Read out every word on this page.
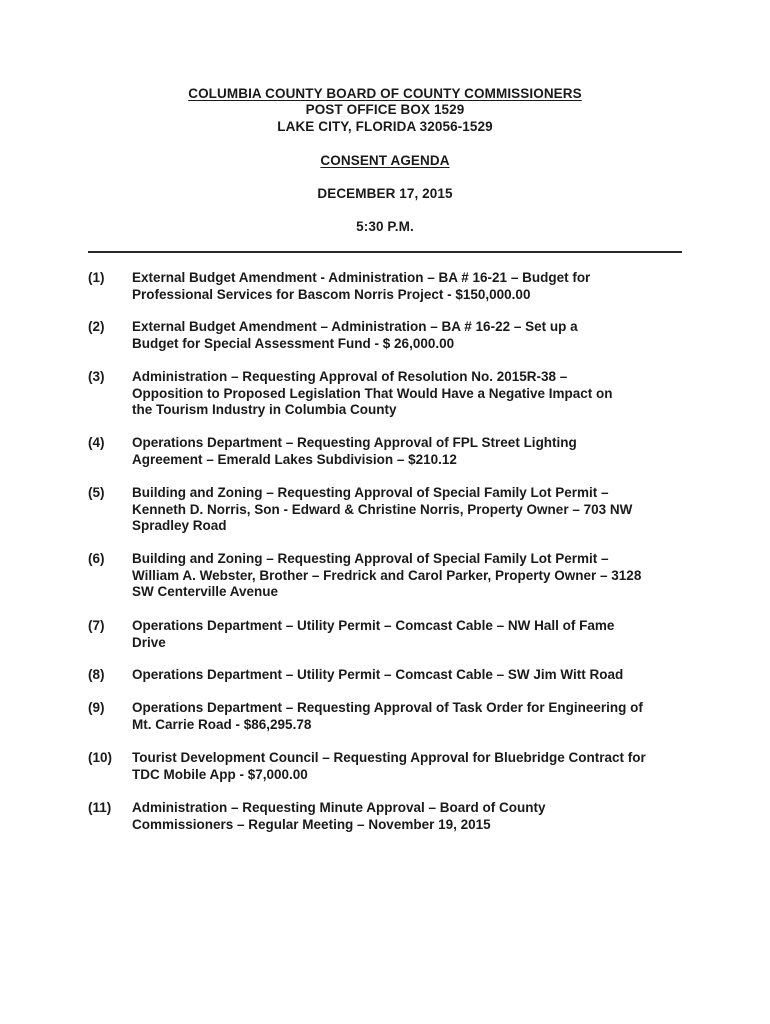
COLUMBIA COUNTY BOARD OF COUNTY COMMISSIONERS
POST OFFICE BOX 1529
LAKE CITY, FLORIDA 32056-1529
CONSENT AGENDA
DECEMBER 17, 2015
5:30 P.M.
(1) External Budget Amendment - Administration – BA # 16-21 – Budget for
Professional Services for Bascom Norris Project - $150,000.00
(2) External Budget Amendment – Administration – BA # 16-22 – Set up a
Budget for Special Assessment Fund - $ 26,000.00
(3) Administration – Requesting Approval of Resolution No. 2015R-38 –
Opposition to Proposed Legislation That Would Have a Negative Impact on
the Tourism Industry in Columbia County
(4) Operations Department – Requesting Approval of FPL Street Lighting
Agreement – Emerald Lakes Subdivision – $210.12
(5) Building and Zoning – Requesting Approval of Special Family Lot Permit –
Kenneth D. Norris, Son - Edward & Christine Norris, Property Owner – 703 NW
Spradley Road
(6) Building and Zoning – Requesting Approval of Special Family Lot Permit –
William A. Webster, Brother – Fredrick and Carol Parker, Property Owner – 3128
SW Centerville Avenue
(7) Operations Department – Utility Permit – Comcast Cable – NW Hall of Fame
Drive
(8) Operations Department – Utility Permit – Comcast Cable – SW Jim Witt Road
(9) Operations Department – Requesting Approval of Task Order for Engineering of
Mt. Carrie Road - $86,295.78
(10) Tourist Development Council – Requesting Approval for Bluebridge Contract for
TDC Mobile App - $7,000.00
(11) Administration – Requesting Minute Approval – Board of County
Commissioners – Regular Meeting – November 19, 2015
